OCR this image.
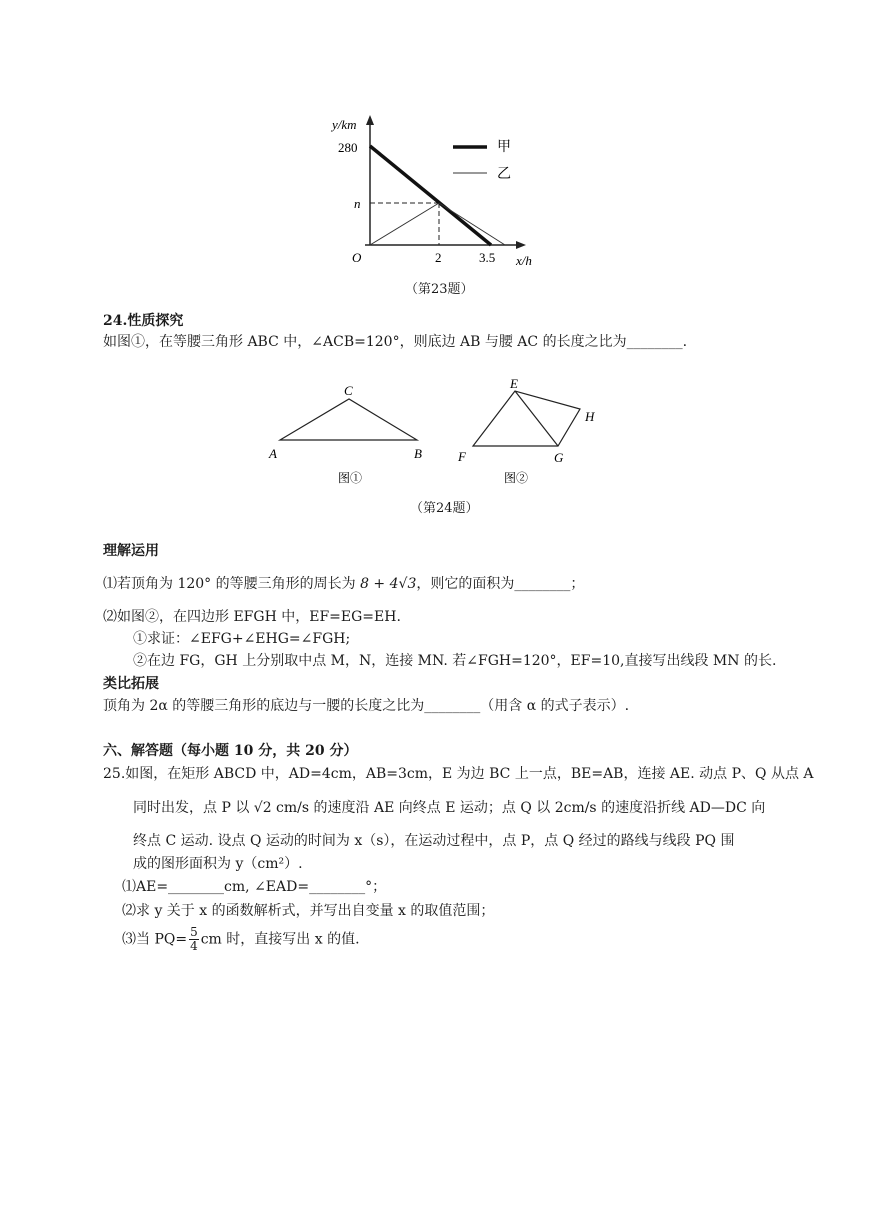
y/km
280
n
O	2	3.5 x/h
甲
乙
（第23题）
24.性质探究
如图①，在等腰三角形 ABC 中，∠ACB=120°，则底边 AB 与腰 AC 的长度之比为________.
A	B
C
图①
E
F	G
H
图②
（第24题）
理解运用
⑴若顶角为 120° 的等腰三角形的周长为 8 + 4√3，则它的面积为________；
⑵如图②，在四边形 EFGH 中，EF=EG=EH.
①求证：∠EFG+∠EHG=∠FGH;
②在边 FG，GH 上分别取中点 M，N，连接 MN. 若∠FGH=120°，EF=10,直接写出线段 MN 的长.
类比拓展
顶角为 2α 的等腰三角形的底边与一腰的长度之比为________（用含 α 的式子表示）.
六、解答题（每小题 10 分，共 20 分）
25.如图，在矩形 ABCD 中，AD=4cm，AB=3cm，E 为边 BC 上一点，BE=AB，连接 AE. 动点 P、Q 从点 A
同时出发，点 P 以 √2 cm/s 的速度沿 AE 向终点 E 运动；点 Q 以 2cm/s 的速度沿折线 AD—DC 向
终点 C 运动. 设点 Q 运动的时间为 x（s），在运动过程中，点 P，点 Q 经过的路线与线段 PQ 围
成的图形面积为 y（cm²）.
⑴AE=________cm, ∠EAD=________°；
⑵求 y 关于 x 的函数解析式，并写出自变量 x 的取值范围；
⑶当 $PQ= \frac{5}{4}$ cm 时，直接写出 x 的值.
